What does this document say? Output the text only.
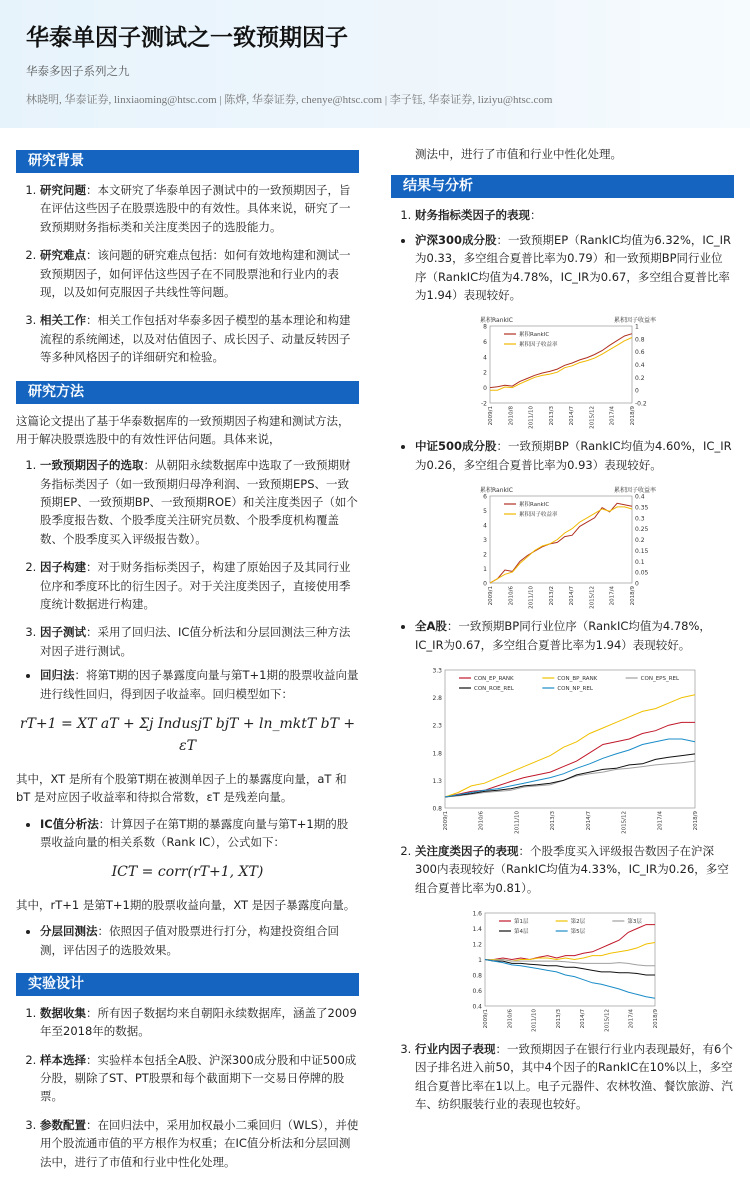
华泰单因子测试之一致预期因子
华泰多因子系列之九
林晓明, 华泰证券, linxiaoming@htsc.com | 陈烨, 华泰证券, chenye@htsc.com | 李子钰, 华泰证券, liziyu@htsc.com
研究背景
1. 研究问题：本文研究了华泰单因子测试中的一致预期因子，旨在评估这些因子在股票选股中的有效性。具体来说，研究了一致预期财务指标类和关注度类因子的选股能力。
2. 研究难点：该问题的研究难点包括：如何有效地构建和测试一致预期因子，如何评估这些因子在不同股票池和行业内的表现，以及如何克服因子共线性等问题。
3. 相关工作：相关工作包括对华泰多因子模型的基本理论和构建流程的系统阐述，以及对估值因子、成长因子、动量反转因子等多种风格因子的详细研究和检验。
研究方法

这篇论文提出了基于华泰数据库的一致预期因子构建和测试方法，用于解决股票选股中的有效性评估问题。具体来说，

1. 一致预期因子的选取：从朝阳永续数据库中选取了一致预期财务指标类因子（如一致预期归母净利润、一致预期EPS、一致预期EP、一致预期BP、一致预期ROE）和关注度类因子（如个股季度报告数、个股季度关注研究员数、个股季度机构覆盖数、个股季度买入评级报告数）。
2. 因子构建：对于财务指标类因子，构建了原始因子及其同行业位序和季度环比的衍生因子。对于关注度类因子，直接使用季度统计数据进行构建。
3. 因子测试：采用了回归法、IC值分析法和分层回测法三种方法对因子进行测试。
• 回归法：将第T期的因子暴露度向量与第T+1期的股票收益向量进行线性回归，得到因子收益率。回归模型如下：
rT+1 = XT aT + Σj IndusjT bjT + ln_mktT bT + εT

其中，XT 是所有个股第T期在被测单因子上的暴露度向量，aT 和 bT 是对应因子收益率和待拟合常数，εT 是残差向量。

• IC值分析法：计算因子在第T期的暴露度向量与第T+1期的股票收益向量的相关系数（Rank IC），公式如下：
ICT = corr(rT+1, XT)

其中，rT+1 是第T+1期的股票收益向量，XT 是因子暴露度向量。

• 分层回测法：依照因子值对股票进行打分，构建投资组合回测，评估因子的选股效果。
实验设计
1. 数据收集：所有因子数据均来自朝阳永续数据库，涵盖了2009年至2018年的数据。
2. 样本选择：实验样本包括全A股、沪深300成分股和中证500成分股，剔除了ST、PT股票和每个截面期下一交易日停牌的股票。
3. 参数配置：在回归法中，采用加权最小二乘回归（WLS），并使用个股流通市值的平方根作为权重；在IC值分析法和分层回测法中，进行了市值和行业中性化处理。

测法中，进行了市值和行业中性化处理。

结果与分析
1. 财务指标类因子的表现：
• 沪深300成分股：一致预期EP（RankIC均值为6.32%，IC_IR为0.33，多空组合夏普比率为0.79）和一致预期BP同行业位序（RankIC均值为4.78%，IC_IR为0.67，多空组合夏普比率为1.94）表现较好。
-2
0
2
4
6
8
-0.2
0
0.2
0.4
0.6
0.8
1
累积RankIC	累积因子收益率
2009/1	2010/8	2011/10	2013/3	2014/7	2015/12	2017/4	2018/9
累积RankIC
累积因子收益率
• 中证500成分股：一致预期BP（RankIC均值为4.60%，IC_IR为0.26，多空组合夏普比率为0.93）表现较好。
0
1
2
3
4
5
6
0
0.05
0.1
0.15
0.2
0.25
0.3
0.35
0.4
累积RankIC	累积因子收益率
2009/1	2010/6	2011/10	2013/2	2014/7	2015/12	2017/4	2018/9
累积RankIC
累积因子收益率
• 全A股：一致预期BP同行业位序（RankIC均值为4.78%，IC_IR为0.67，多空组合夏普比率为1.94）表现较好。
0.8
1.3
1.8
2.3
2.8
3.3
2009/1	2010/6	2011/10	2013/3	2014/7	2015/12	2017/4	2018/9
CON_EP_RANK	CON_BP_RANK	CON_EPS_REL
CON_ROE_REL	CON_NP_REL
2. 关注度类因子的表现：个股季度买入评级报告数因子在沪深300内表现较好（RankIC均值为4.33%，IC_IR为0.26，多空组合夏普比率为0.81）。
0.4
0.6
0.8
1
1.2
1.4
1.6
2009/1	2010/6	2011/10	2013/3	2014/7	2015/12	2017/4	2018/9
第1层	第2层	第3层
第4层	第5层
3. 行业内因子表现：一致预期因子在银行行业内表现最好，有6个因子排名进入前50，其中4个因子的RankIC在10%以上，多空组合夏普比率在1以上。电子元器件、农林牧渔、餐饮旅游、汽车、纺织服装行业的表现也较好。
